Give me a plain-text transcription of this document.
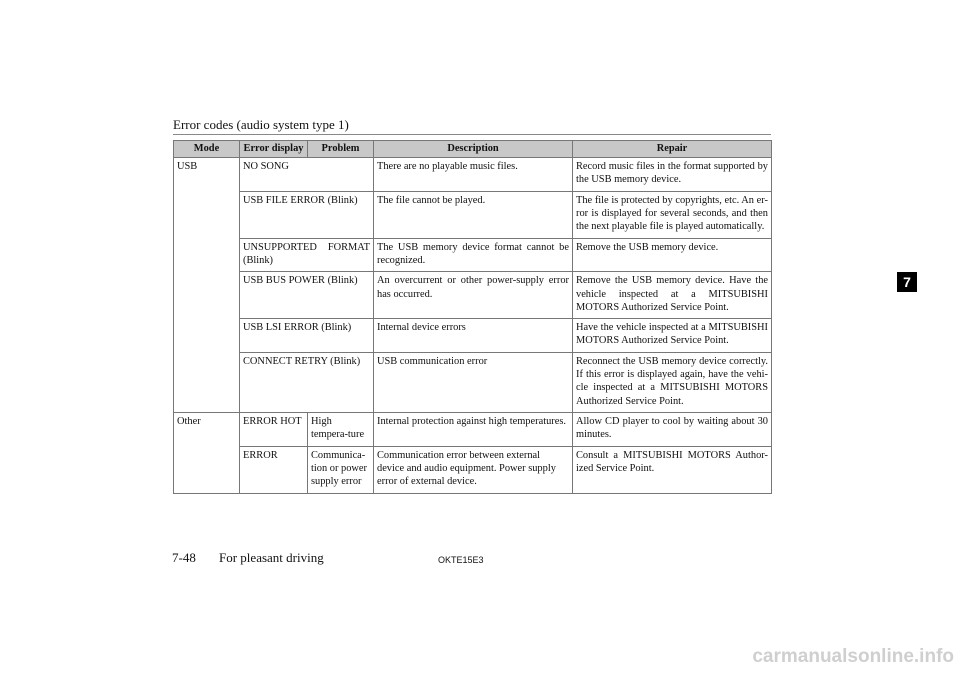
Error codes (audio system type 1)
7
Mode	Error display	Problem	Description	Repair
USB	NO SONG		There are no playable music files.	Record music files in the format supported by the USB memory device.
	USB FILE ERROR (Blink)		The file cannot be played.	The file is protected by copyrights, etc. An er-ror is displayed for several seconds, and then the next playable file is played automatically.
	UNSUPPORTED FORMAT (Blink)		The USB memory device format cannot be recognized.	Remove the USB memory device.
	USB BUS POWER (Blink)		An overcurrent or other power-supply error has occurred.	Remove the USB memory device. Have the vehicle inspected at a MITSUBISHI MOTORS Authorized Service Point.
	USB LSI ERROR (Blink)		Internal device errors	Have the vehicle inspected at a MITSUBISHI MOTORS Authorized Service Point.
	CONNECT RETRY (Blink)		USB communication error	Reconnect the USB memory device correctly. If this error is displayed again, have the vehi-cle inspected at a MITSUBISHI MOTORS Authorized Service Point.
Other	ERROR HOT	High tempera-ture	Internal protection against high temperatures.	Allow CD player to cool by waiting about 30 minutes.
	ERROR	Communica-tion or power supply error	Communication error between external device and audio equipment. Power supply error of external device.	Consult a MITSUBISHI MOTORS Author-ized Service Point.
7-48 For pleasant driving	OKTE15E3
carmanualsonline.info
